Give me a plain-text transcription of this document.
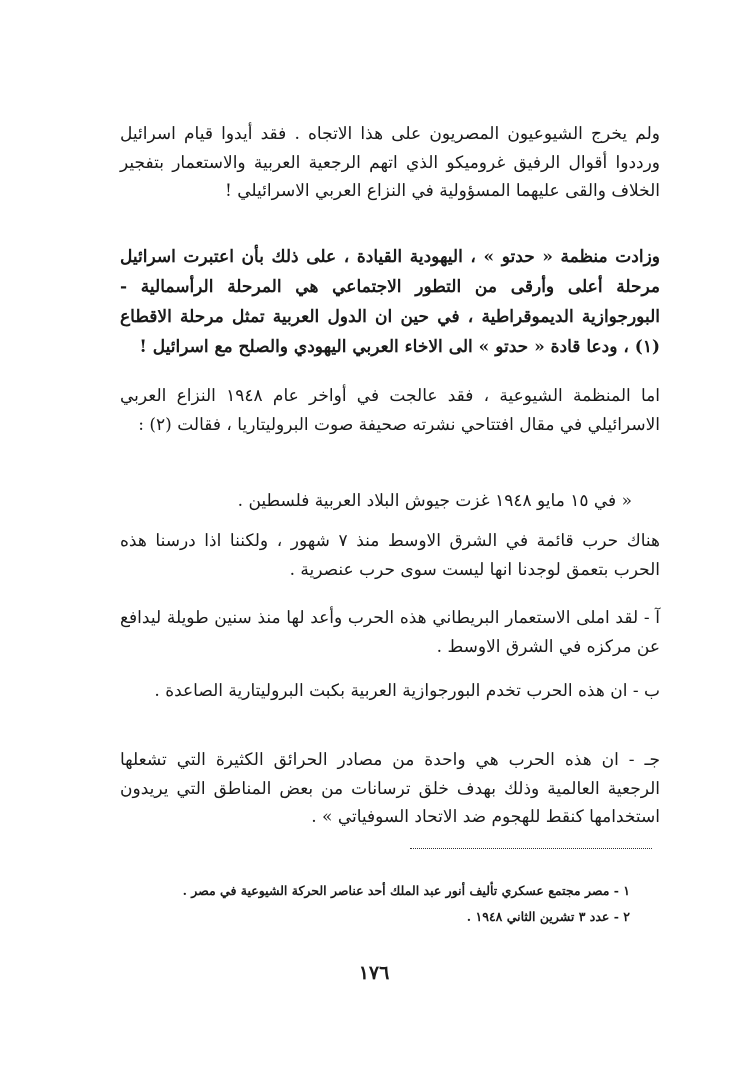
ولم يخرج الشيوعيون المصريون على هذا الاتجاه . فقد أيدوا قيام اسرائيل ورددوا أقوال الرفيق غروميكو الذي اتهم الرجعية العربية والاستعمار بتفجير الخلاف والقى عليهما المسؤولية في النزاع العربي الاسرائيلي !
وزادت منظمة « حدتو » ، اليهودية القيادة ، على ذلك بأن اعتبرت اسرائيل مرحلة أعلى وأرقى من التطور الاجتماعي هي المرحلة الرأسمالية - البورجوازية الديموقراطية ، في حين ان الدول العربية تمثل مرحلة الاقطاع (١) ، ودعا قادة « حدتو » الى الاخاء العربي اليهودي والصلح مع اسرائيل !
اما المنظمة الشيوعية ، فقد عالجت في أواخر عام ١٩٤٨ النزاع العربي الاسرائيلي في مقال افتتاحي نشرته صحيفة صوت البروليتاريا ، فقالت (٢) :
« في ١٥ مايو ١٩٤٨ غزت جيوش البلاد العربية فلسطين .
هناك حرب قائمة في الشرق الاوسط منذ ٧ شهور ، ولكننا اذا درسنا هذه الحرب بتعمق لوجدنا انها ليست سوى حرب عنصرية .
آ - لقد املى الاستعمار البريطاني هذه الحرب وأعد لها منذ سنين طويلة ليدافع عن مركزه في الشرق الاوسط .
ب - ان هذه الحرب تخدم البورجوازية العربية بكبت البروليتارية الصاعدة .
جـ - ان هذه الحرب هي واحدة من مصادر الحرائق الكثيرة التي تشعلها الرجعية العالمية وذلك بهدف خلق ترسانات من بعض المناطق التي يريدون استخدامها كنقط للهجوم ضد الاتحاد السوفياتي » .
١ - مصر مجتمع عسكري تأليف أنور عبد الملك أحد عناصر الحركة الشيوعية في مصر .
٢ - عدد ٣ تشرين الثاني ١٩٤٨ .
١٧٦
